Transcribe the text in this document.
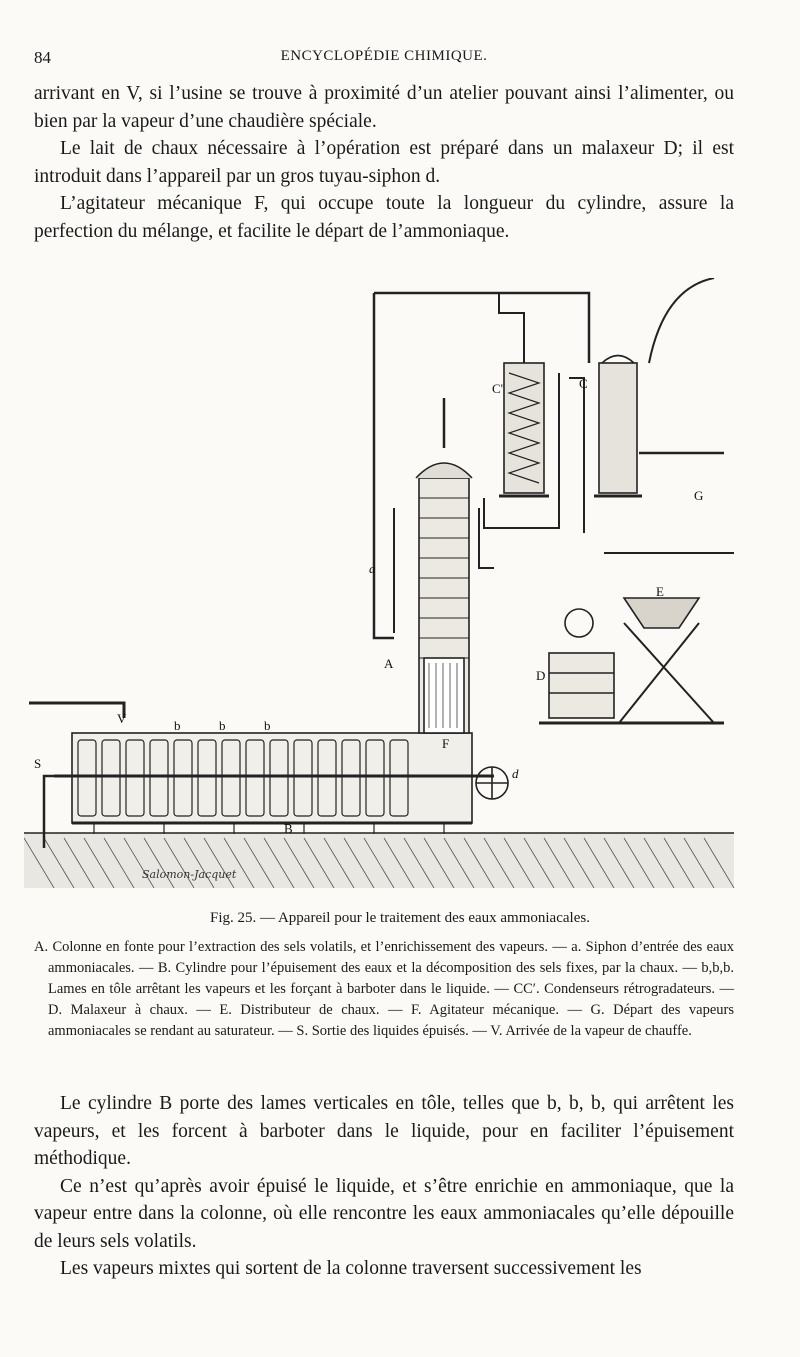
84	ENCYCLOPÉDIE CHIMIQUE.

arrivant en V, si l’usine se trouve à proximité d’un atelier pouvant ainsi l’alimenter, ou bien par la vapeur d’une chaudière spéciale.

Le lait de chaux nécessaire à l’opération est préparé dans un malaxeur D; il est introduit dans l’appareil par un gros tuyau-siphon d.

L’agitateur mécanique F, qui occupe toute la longueur du cylindre, assure la perfection du mélange, et facilite le départ de l’ammoniaque.

A
a
B
b	b	b
C
C'
D
d
E
F
G
S
V
Salomon-Jacquet
Fig. 25. — Appareil pour le traitement des eaux ammoniacales.

A. Colonne en fonte pour l’extraction des sels volatils, et l’enrichissement des vapeurs. — a. Siphon d’entrée des eaux ammoniacales. — B. Cylindre pour l’épuisement des eaux et la décomposition des sels fixes, par la chaux. — b,b,b. Lames en tôle arrêtant les vapeurs et les forçant à barboter dans le liquide. — CC′. Condenseurs rétrogradateurs. — D. Malaxeur à chaux. — E. Distributeur de chaux. — F. Agitateur mécanique. — G. Départ des vapeurs ammoniacales se rendant au saturateur. — S. Sortie des liquides épuisés. — V. Arrivée de la vapeur de chauffe.

Le cylindre B porte des lames verticales en tôle, telles que b, b, b, qui arrêtent les vapeurs, et les forcent à barboter dans le liquide, pour en faciliter l’épuisement méthodique.

Ce n’est qu’après avoir épuisé le liquide, et s’être enrichie en ammoniaque, que la vapeur entre dans la colonne, où elle rencontre les eaux ammoniacales qu’elle dépouille de leurs sels volatils.

Les vapeurs mixtes qui sortent de la colonne traversent successivement les
